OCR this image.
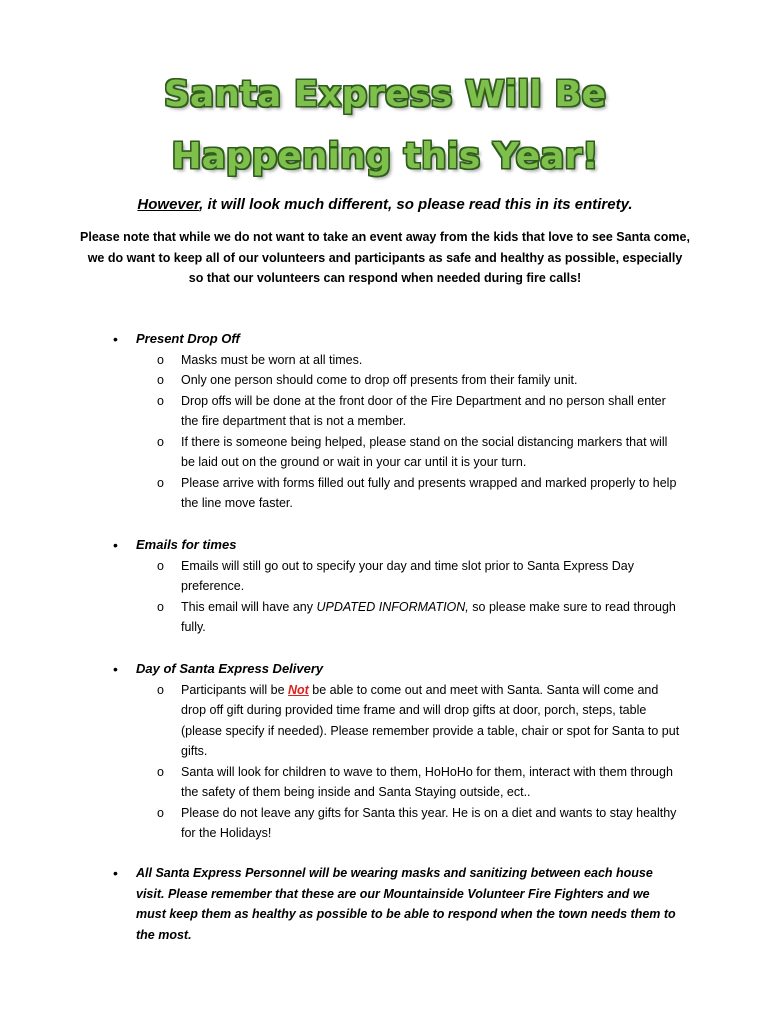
Santa Express Will Be
Happening this Year!
However, it will look much different, so please read this in its entirety.
Please note that while we do not want to take an event away from the kids that love to see Santa come, we do want to keep all of our volunteers and participants as safe and healthy as possible, especially so that our volunteers can respond when needed during fire calls!
• Present Drop Off
o Masks must be worn at all times.
o Only one person should come to drop off presents from their family unit.
o Drop offs will be done at the front door of the Fire Department and no person shall enter the fire department that is not a member.
o If there is someone being helped, please stand on the social distancing markers that will be laid out on the ground or wait in your car until it is your turn.
o Please arrive with forms filled out fully and presents wrapped and marked properly to help the line move faster.
• Emails for times
o Emails will still go out to specify your day and time slot prior to Santa Express Day preference.
o This email will have any UPDATED INFORMATION, so please make sure to read through fully.
• Day of Santa Express Delivery
o Participants will be Not be able to come out and meet with Santa. Santa will come and drop off gift during provided time frame and will drop gifts at door, porch, steps, table (please specify if needed). Please remember provide a table, chair or spot for Santa to put gifts.
o Santa will look for children to wave to them, HoHoHo for them, interact with them through the safety of them being inside and Santa Staying outside, ect..
o Please do not leave any gifts for Santa this year. He is on a diet and wants to stay healthy for the Holidays!
• All Santa Express Personnel will be wearing masks and sanitizing between each house visit. Please remember that these are our Mountainside Volunteer Fire Fighters and we must keep them as healthy as possible to be able to respond when the town needs them to the most.
